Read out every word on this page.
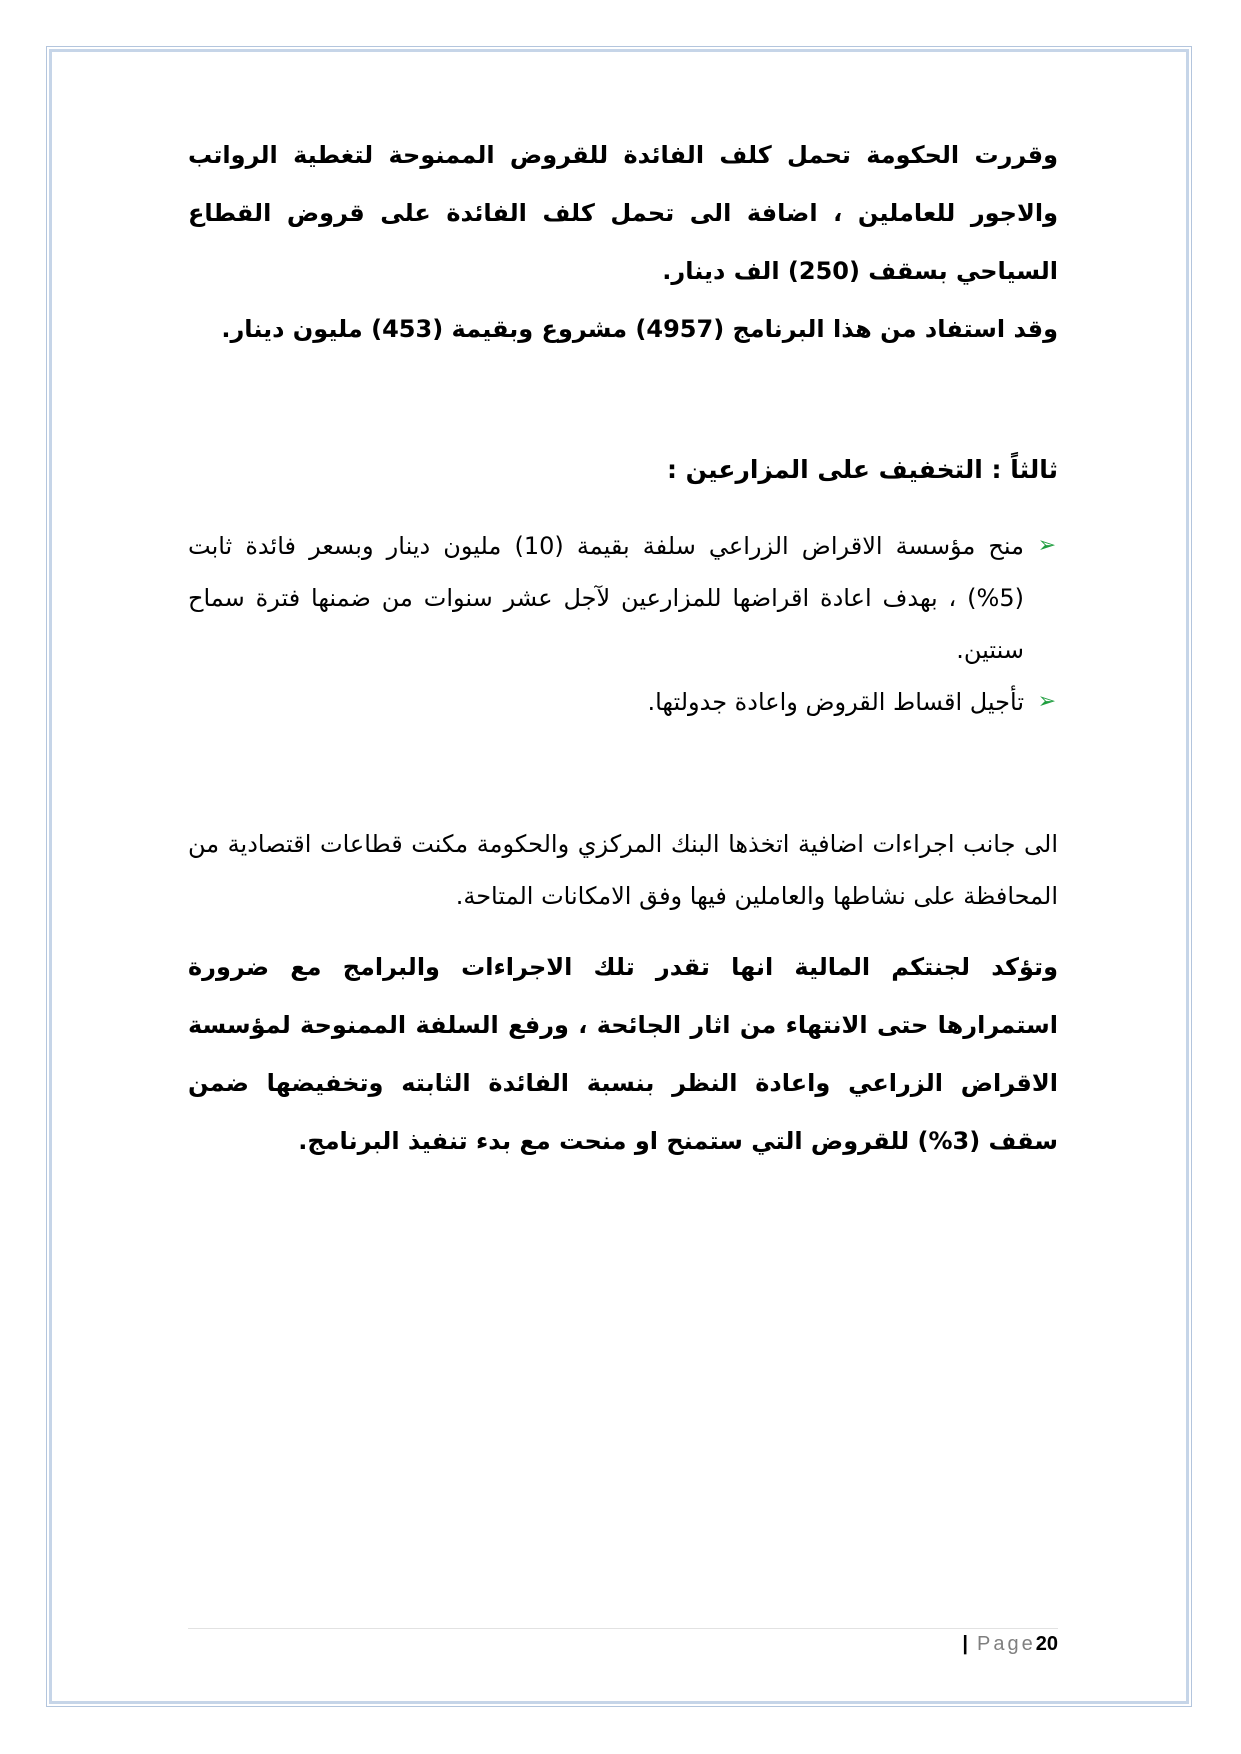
وقررت الحكومة تحمل كلف الفائدة للقروض الممنوحة لتغطية الرواتب والاجور للعاملين ، اضافة الى تحمل كلف الفائدة على قروض القطاع السياحي بسقف (250) الف دينار.

وقد استفاد من هذا البرنامج (4957) مشروع وبقيمة (453) مليون دينار.

ثالثاً : التخفيف على المزارعين :

➢
منح مؤسسة الاقراض الزراعي سلفة بقيمة (10) مليون دينار وبسعر فائدة ثابت (5%) ، بهدف اعادة اقراضها للمزارعين لآجل عشر سنوات من ضمنها فترة سماح سنتين.
➢
تأجيل اقساط القروض واعادة جدولتها.

الى جانب اجراءات اضافية اتخذها البنك المركزي والحكومة مكنت قطاعات اقتصادية من المحافظة على نشاطها والعاملين فيها وفق الامكانات المتاحة.

وتؤكد لجنتكم المالية انها تقدر تلك الاجراءات والبرامج مع ضرورة استمرارها حتى الانتهاء من اثار الجائحة ، ورفع السلفة الممنوحة لمؤسسة الاقراض الزراعي واعادة النظر بنسبة الفائدة الثابته وتخفيضها ضمن سقف (3%) للقروض التي ستمنح او منحت مع بدء تنفيذ البرنامج.

| Page20
